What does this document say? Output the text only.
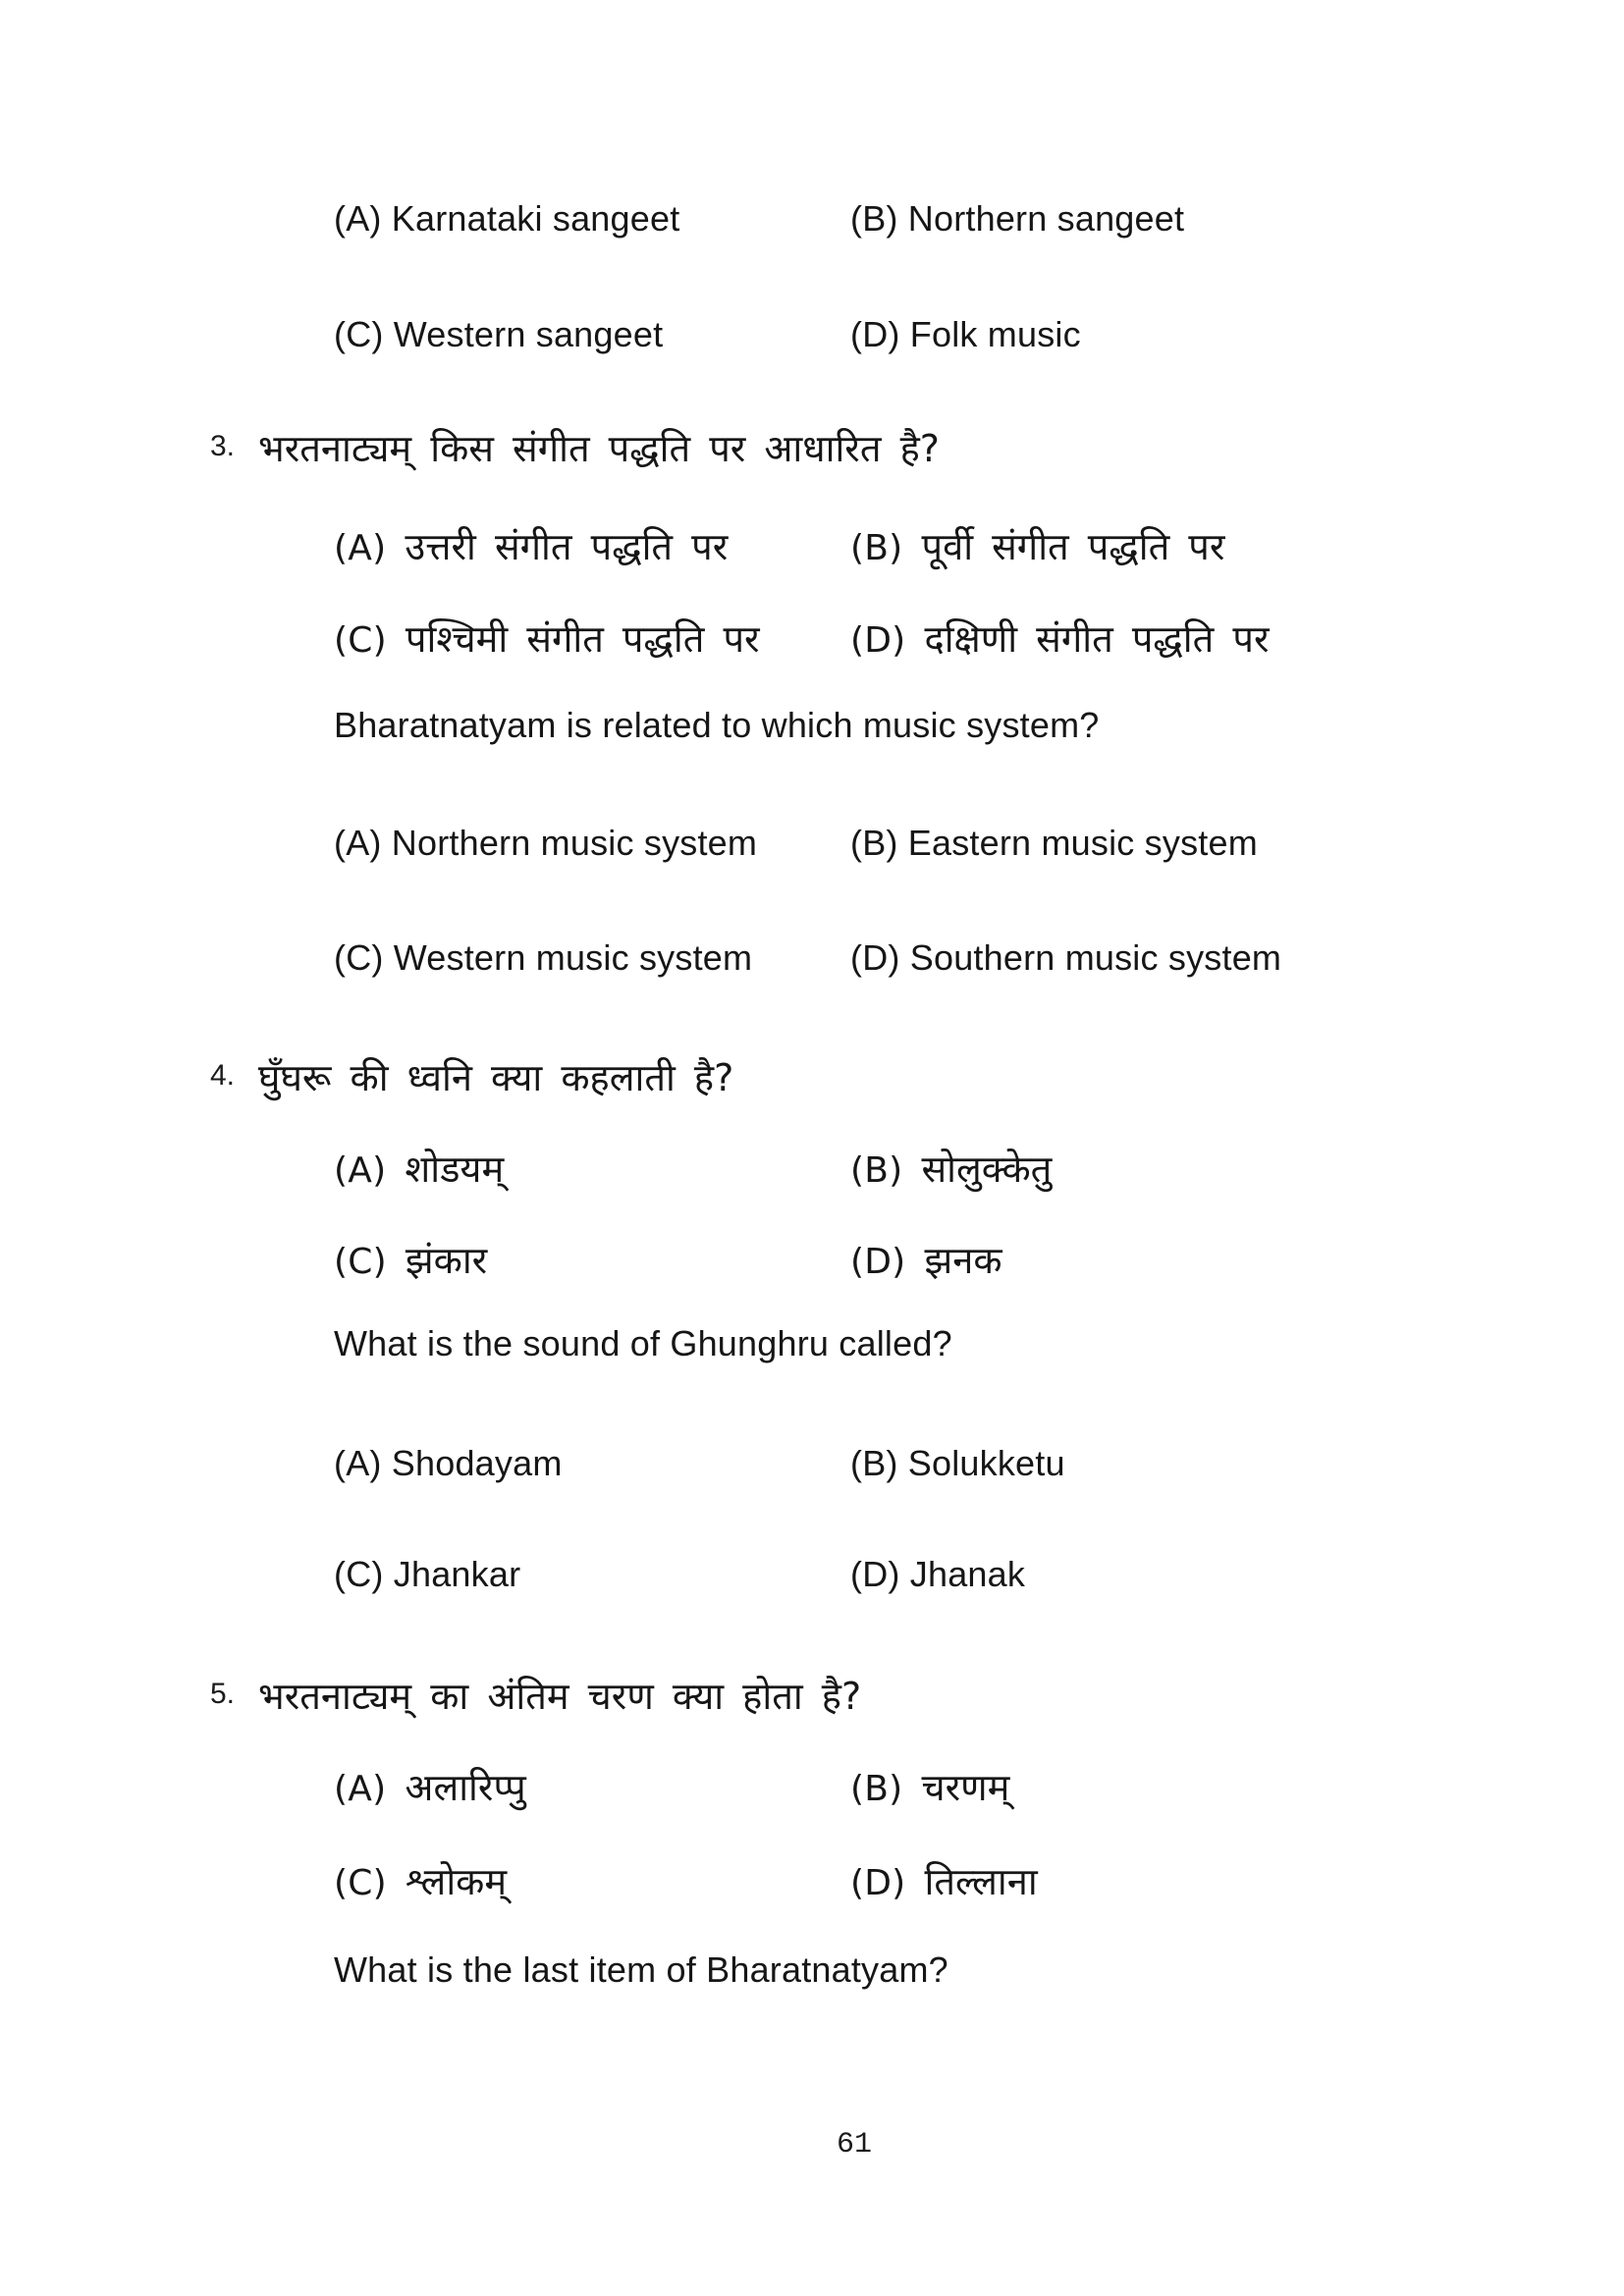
(A) Karnataki sangeet	(B) Northern sangeet
(C) Western sangeet	(D) Folk music
3. भरतनाट्यम् किस संगीत पद्धति पर आधारित है?
(A) उत्तरी संगीत पद्धति पर	(B) पूर्वी संगीत पद्धति पर
(C) पश्चिमी संगीत पद्धति पर	(D) दक्षिणी संगीत पद्धति पर
Bharatnatyam is related to which music system?
(A) Northern music system	(B) Eastern music system
(C) Western music system	(D) Southern music system
4. घुँघरू की ध्वनि क्या कहलाती है?
(A) शोडयम्	(B) सोलुक्केतु
(C) झंकार	(D) झनक
What is the sound of Ghunghru called?
(A) Shodayam	(B) Solukketu
(C) Jhankar	(D) Jhanak
5. भरतनाट्यम् का अंतिम चरण क्या होता है?
(A) अलारिप्पु	(B) चरणम्
(C) श्लोकम्	(D) तिल्लाना
What is the last item of Bharatnatyam?
61
